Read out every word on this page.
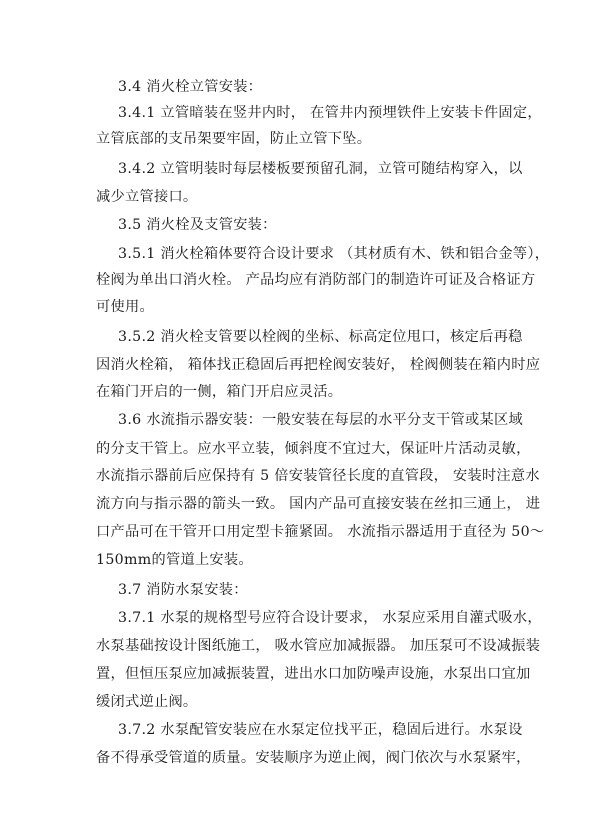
3.4 消火栓立管安装：
3.4.1 立管暗装在竖井内时， 在管井内预埋铁件上安装卡件固定，
立管底部的支吊架要牢固，防止立管下坠。
3.4.2 立管明装时每层楼板要预留孔洞，立管可随结构穿入，以
减少立管接口。
3.5 消火栓及支管安装：
3.5.1 消火栓箱体要符合设计要求 （其材质有木、铁和铝合金等），
栓阀为单出口消火栓。 产品均应有消防部门的制造许可证及合格证方
可使用。
3.5.2 消火栓支管要以栓阀的坐标、标高定位甩口，核定后再稳
因消火栓箱， 箱体找正稳固后再把栓阀安装好， 栓阀侧装在箱内时应
在箱门开启的一侧，箱门开启应灵活。
3.6 水流指示器安装：一般安装在每层的水平分支干管或某区域
的分支干管上。应水平立装，倾斜度不宜过大，保证叶片活动灵敏，
水流指示器前后应保持有 5 倍安装管径长度的直管段， 安装时注意水
流方向与指示器的箭头一致。 国内产品可直接安装在丝扣三通上， 进
口产品可在干管开口用定型卡箍紧固。 水流指示器适用于直径为 50～
150mm的管道上安装。
3.7 消防水泵安装：
3.7.1 水泵的规格型号应符合设计要求， 水泵应采用自灌式吸水，
水泵基础按设计图纸施工， 吸水管应加减振器。 加压泵可不设减振装
置，但恒压泵应加减振装置，进出水口加防噪声设施，水泵出口宜加
缓闭式逆止阀。
3.7.2 水泵配管安装应在水泵定位找平正，稳固后进行。水泵设
备不得承受管道的质量。安装顺序为逆止阀，阀门依次与水泵紧牢，
